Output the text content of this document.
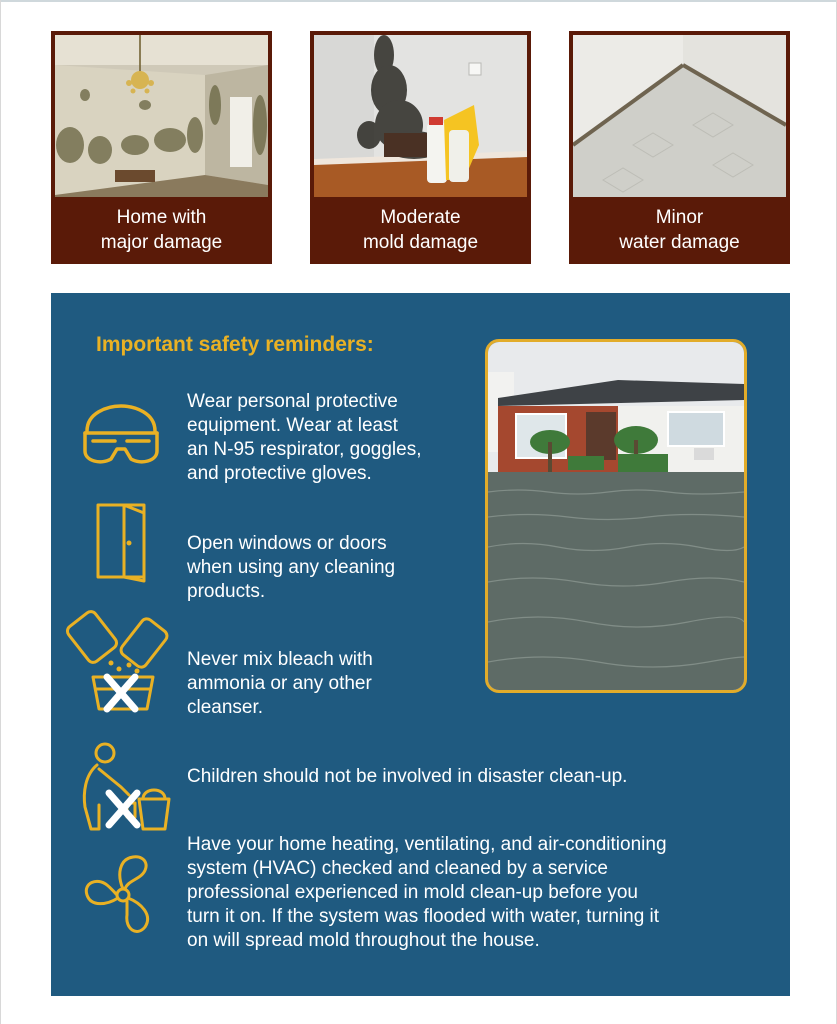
Home with
major damage
Moderate
mold damage
Minor
water damage
Important safety reminders:
Wear personal protective
equipment. Wear at least
an N-95 respirator, goggles,
and protective gloves.
Open windows or doors
when using any cleaning
products.
Never mix bleach with
ammonia or any other
cleanser.
Children should not be involved in disaster clean-up.
Have your home heating, ventilating, and air-conditioning
system (HVAC) checked and cleaned by a service
professional experienced in mold clean-up before you
turn it on. If the system was flooded with water, turning it
on will spread mold throughout the house.
